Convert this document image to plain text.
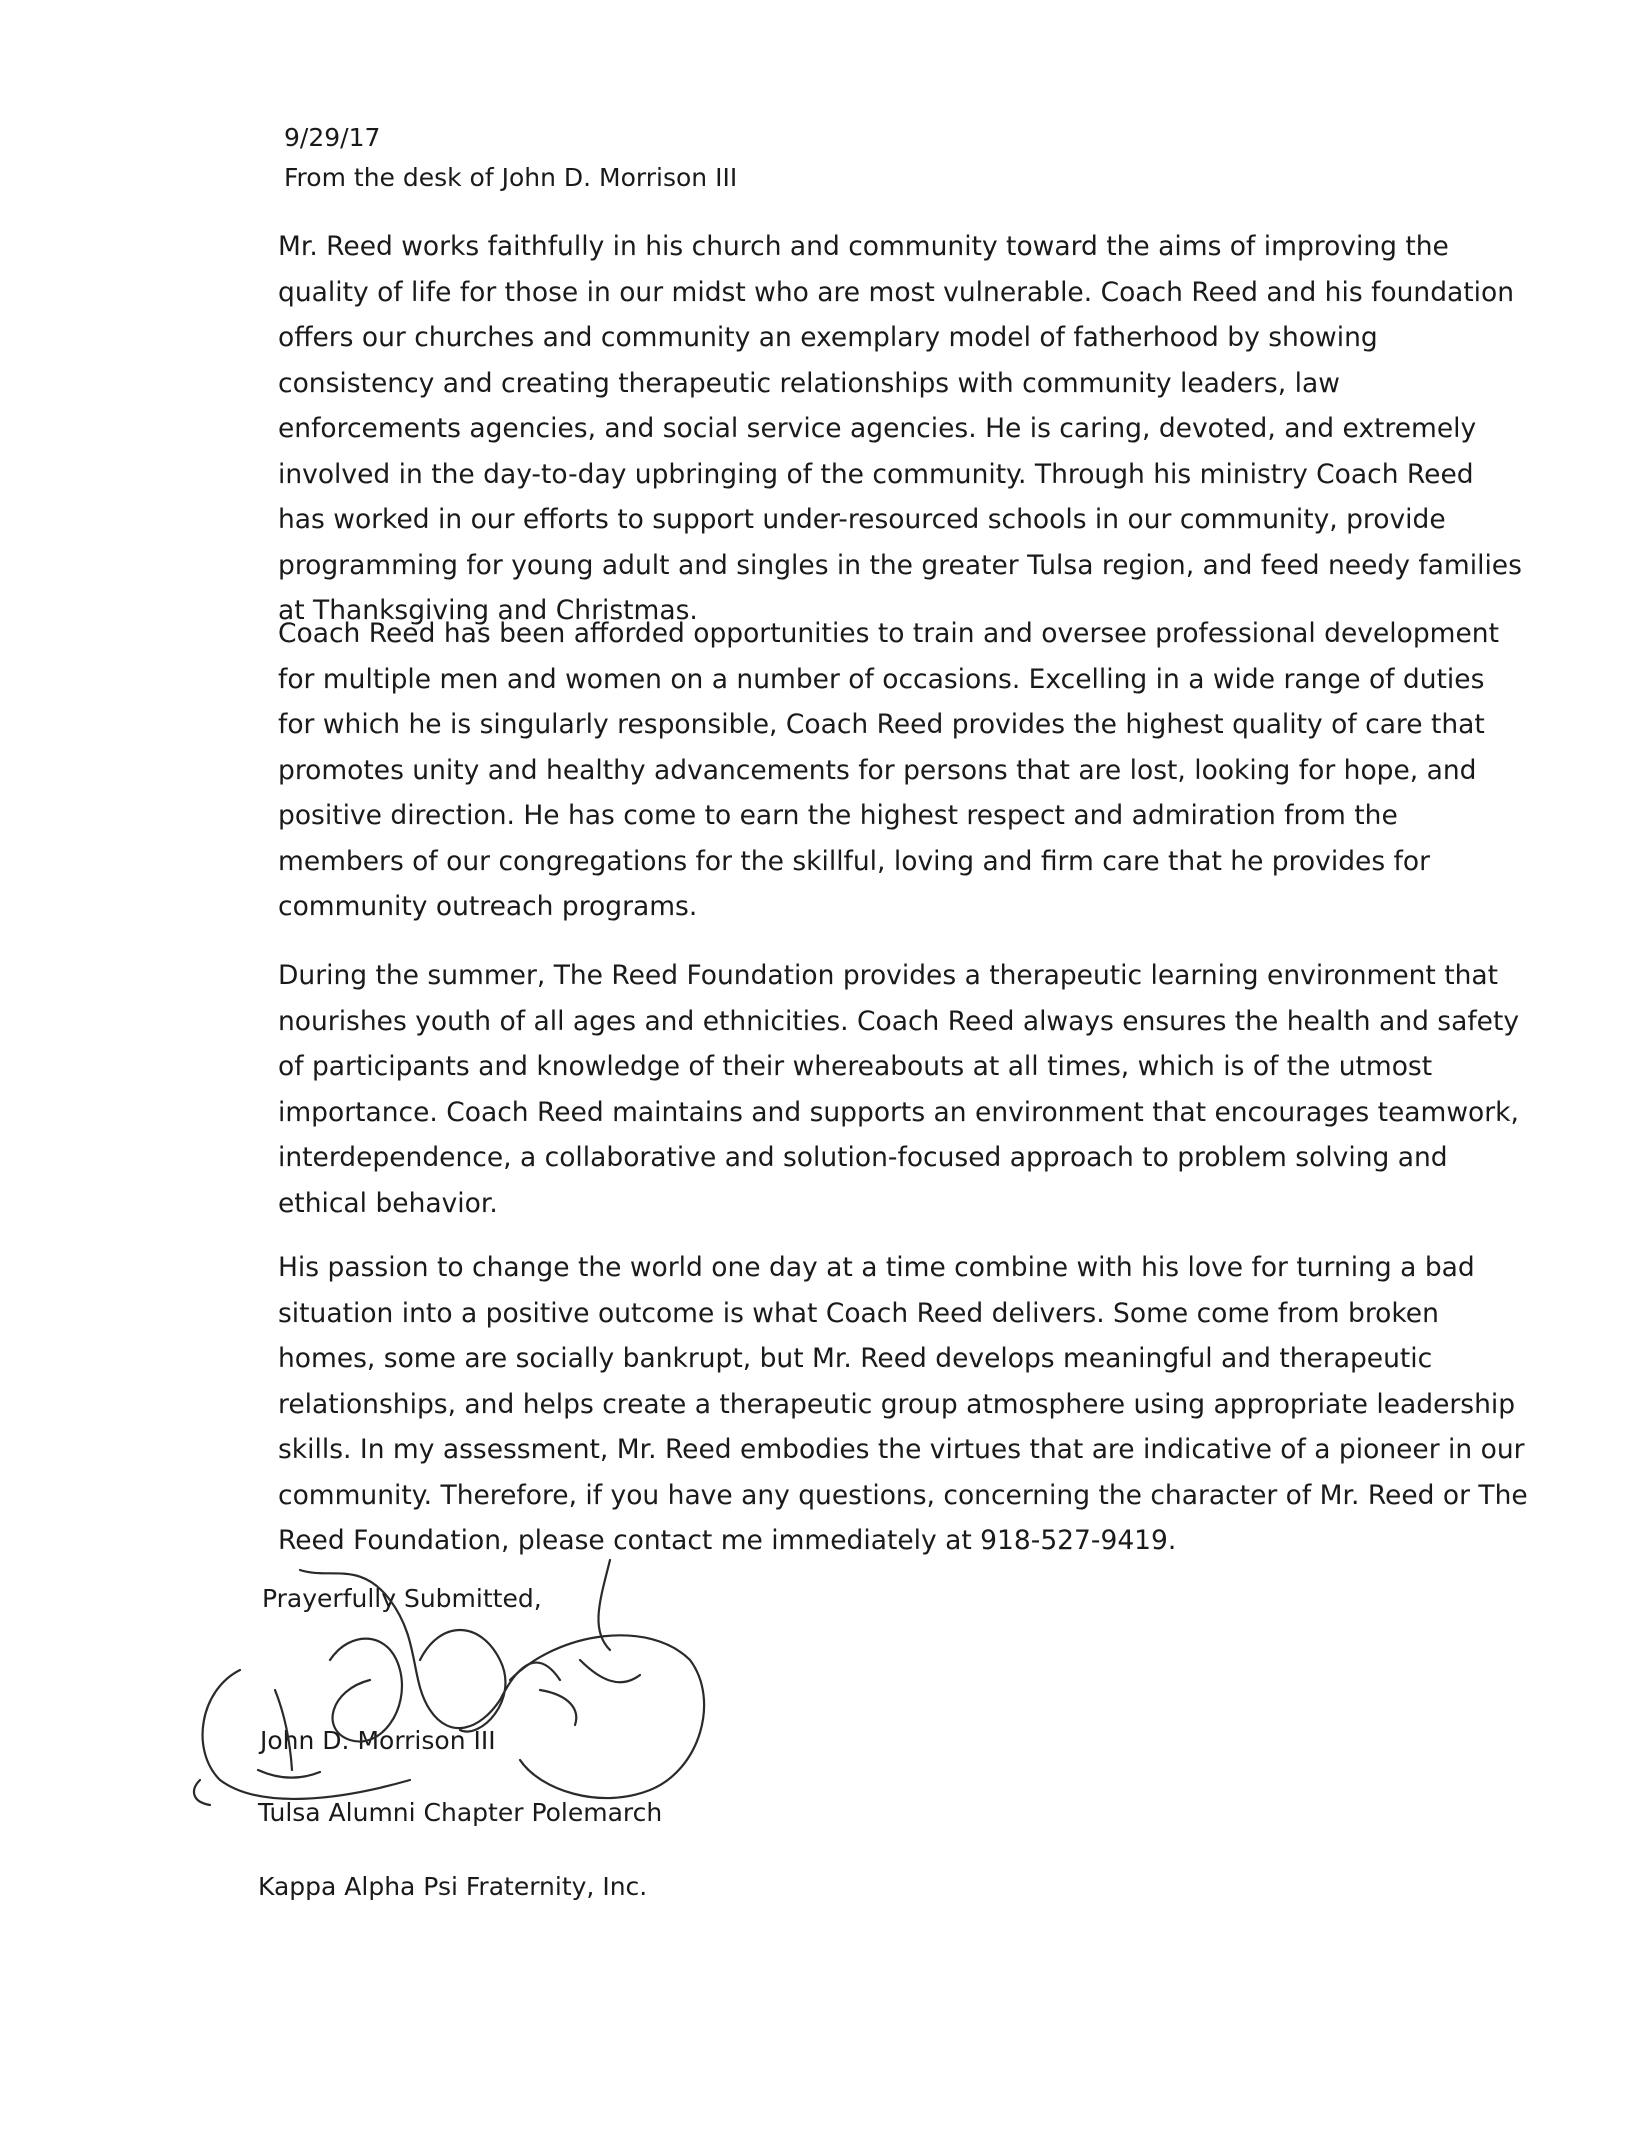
9/29/17
From the desk of John D. Morrison III

Mr. Reed works faithfully in his church and community toward the aims of improving the quality of life for those in our midst who are most vulnerable. Coach Reed and his foundation offers our churches and community an exemplary model of fatherhood by showing consistency and creating therapeutic relationships with community leaders, law enforcements agencies, and social service agencies. He is caring, devoted, and extremely involved in the day-to-day upbringing of the community. Through his ministry Coach Reed has worked in our efforts to support under-resourced schools in our community, provide programming for young adult and singles in the greater Tulsa region, and feed needy families at Thanksgiving and Christmas.

Coach Reed has been afforded opportunities to train and oversee professional development for multiple men and women on a number of occasions. Excelling in a wide range of duties for which he is singularly responsible, Coach Reed provides the highest quality of care that promotes unity and healthy advancements for persons that are lost, looking for hope, and positive direction. He has come to earn the highest respect and admiration from the members of our congregations for the skillful, loving and firm care that he provides for community outreach programs.

During the summer, The Reed Foundation provides a therapeutic learning environment that nourishes youth of all ages and ethnicities. Coach Reed always ensures the health and safety of participants and knowledge of their whereabouts at all times, which is of the utmost importance. Coach Reed maintains and supports an environment that encourages teamwork, interdependence, a collaborative and solution-focused approach to problem solving and ethical behavior.

His passion to change the world one day at a time combine with his love for turning a bad situation into a positive outcome is what Coach Reed delivers. Some come from broken homes, some are socially bankrupt, but Mr. Reed develops meaningful and therapeutic relationships, and helps create a therapeutic group atmosphere using appropriate leadership skills. In my assessment, Mr. Reed embodies the virtues that are indicative of a pioneer in our community. Therefore, if you have any questions, concerning the character of Mr. Reed or The Reed Foundation, please contact me immediately at 918-527-9419.

Prayerfully Submitted,
John D. Morrison III
Tulsa Alumni Chapter Polemarch
Kappa Alpha Psi Fraternity, Inc.
